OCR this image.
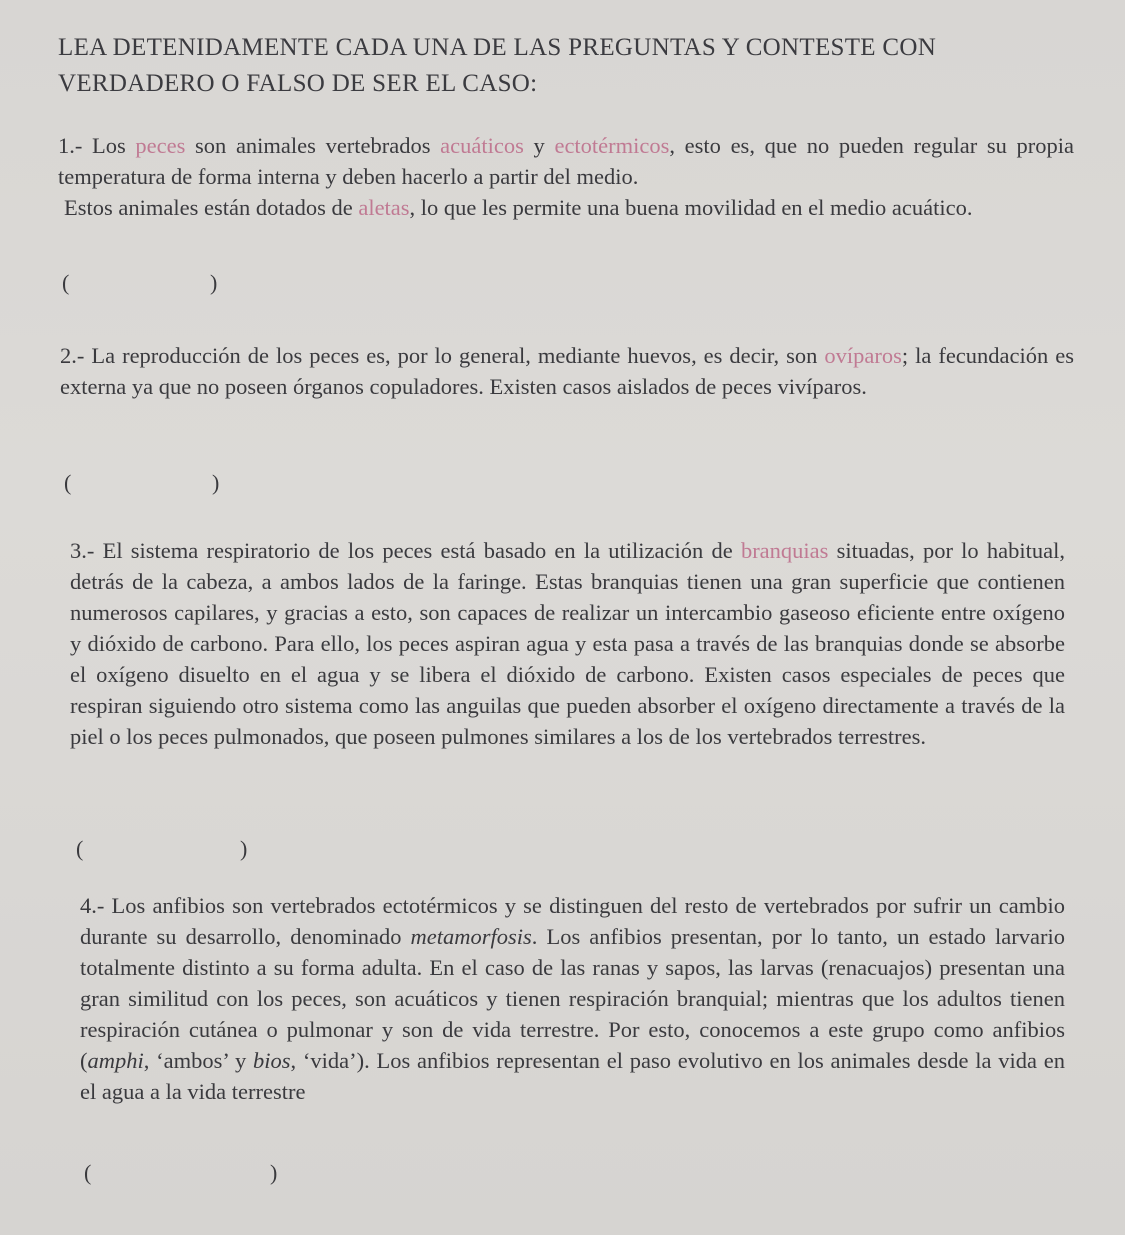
LEA DETENIDAMENTE CADA UNA DE LAS PREGUNTAS Y CONTESTE CON
VERDADERO O FALSO DE SER EL CASO:

1.- Los peces son animales vertebrados acuáticos y ectotérmicos, esto es, que no pueden regular su propia temperatura de forma interna y deben hacerlo a partir del medio.

Estos animales están dotados de aletas, lo que les permite una buena movilidad en el medio acuático.

(	)

2.- La reproducción de los peces es, por lo general, mediante huevos, es decir, son ovíparos; la fecundación es externa ya que no poseen órganos copuladores. Existen casos aislados de peces vivíparos.

(	)

3.- El sistema respiratorio de los peces está basado en la utilización de branquias situadas, por lo habitual, detrás de la cabeza, a ambos lados de la faringe. Estas branquias tienen una gran superficie que contienen numerosos capilares, y gracias a esto, son capaces de realizar un intercambio gaseoso eficiente entre oxígeno y dióxido de carbono. Para ello, los peces aspiran agua y esta pasa a través de las branquias donde se absorbe el oxígeno disuelto en el agua y se libera el dióxido de carbono. Existen casos especiales de peces que respiran siguiendo otro sistema como las anguilas que pueden absorber el oxígeno directamente a través de la piel o los peces pulmonados, que poseen pulmones similares a los de los vertebrados terrestres.

(	)

4.- Los anfibios son vertebrados ectotérmicos y se distinguen del resto de vertebrados por sufrir un cambio durante su desarrollo, denominado metamorfosis. Los anfibios presentan, por lo tanto, un estado larvario totalmente distinto a su forma adulta. En el caso de las ranas y sapos, las larvas (renacuajos) presentan una gran similitud con los peces, son acuáticos y tienen respiración branquial; mientras que los adultos tienen respiración cutánea o pulmonar y son de vida terrestre. Por esto, conocemos a este grupo como anfibios (amphi, ‘ambos’ y bios, ‘vida’). Los anfibios representan el paso evolutivo en los animales desde la vida en el agua a la vida terrestre

(	)
